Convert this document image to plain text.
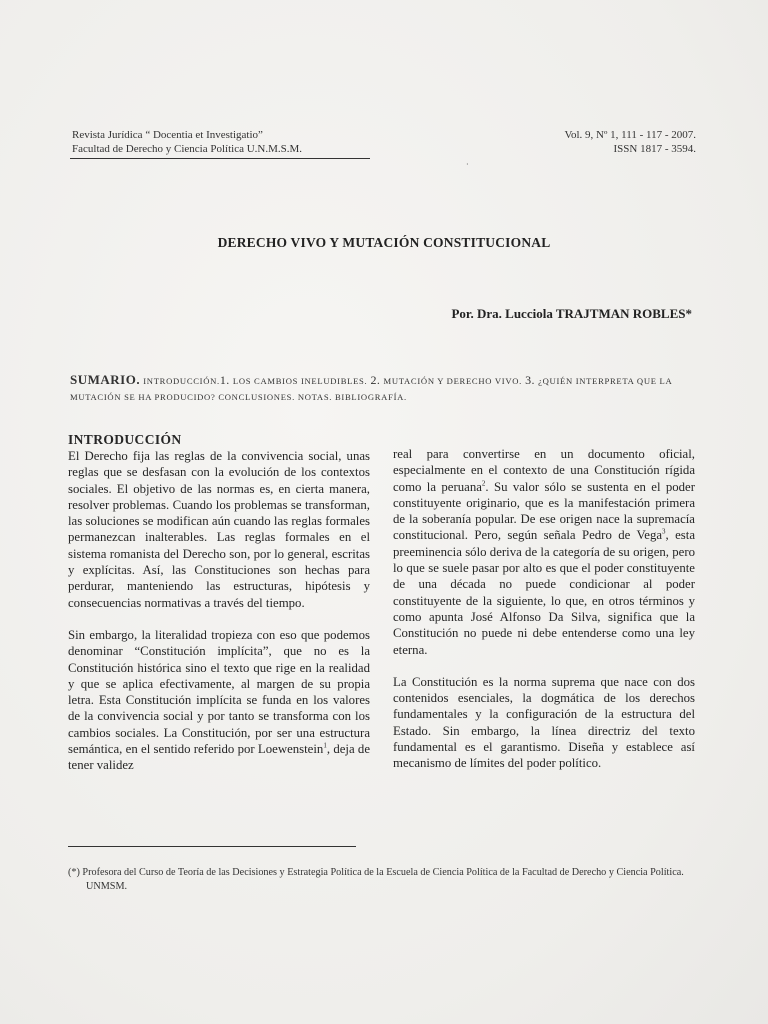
Revista Jurídica “ Docentia et Investigatio”
Facultad de Derecho y Ciencia Política U.N.M.S.M.
Vol. 9, Nº 1, 111 - 117 - 2007.
ISSN 1817 - 3594.
·
DERECHO VIVO Y MUTACIÓN CONSTITUCIONAL
Por. Dra. Lucciola TRAJTMAN ROBLES*
SUMARIO. INTRODUCCIÓN.1. LOS CAMBIOS INELUDIBLES. 2. MUTACIÓN Y DERECHO VIVO. 3. ¿QUIÉN INTERPRETA QUE LA MUTACIÓN SE HA PRODUCIDO? CONCLUSIONES. NOTAS. BIBLIOGRAFÍA.
INTRODUCCIÓN

El Derecho fija las reglas de la convivencia social, unas reglas que se desfasan con la evolución de los contextos sociales. El objetivo de las normas es, en cierta manera, resolver problemas. Cuando los problemas se transforman, las soluciones se modifican aún cuando las reglas formales permanezcan inalterables. Las reglas formales en el sistema romanista del Derecho son, por lo general, escritas y explícitas. Así, las Constituciones son hechas para perdurar, manteniendo las estructuras, hipótesis y consecuencias normativas a través del tiempo.

Sin embargo, la literalidad tropieza con eso que podemos denominar “Constitución implícita”, que no es la Constitución histórica sino el texto que rige en la realidad y que se aplica efectivamente, al margen de su propia letra. Esta Constitución implícita se funda en los valores de la convivencia social y por tanto se transforma con los cambios sociales. La Constitución, por ser una estructura semántica, en el sentido referido por Loewenstein$^1$, deja de tener validez

real para convertirse en un documento oficial, especialmente en el contexto de una Constitución rígida como la peruana$^2$. Su valor sólo se sustenta en el poder constituyente originario, que es la manifestación primera de la soberanía popular. De ese origen nace la supremacía constitucional. Pero, según señala Pedro de Vega$^3$, esta preeminencia sólo deriva de la categoría de su origen, pero lo que se suele pasar por alto es que el poder constituyente de una década no puede condicionar al poder constituyente de la siguiente, lo que, en otros términos y como apunta José Alfonso Da Silva, significa que la Constitución no puede ni debe entenderse como una ley eterna.

La Constitución es la norma suprema que nace con dos contenidos esenciales, la dogmática de los derechos fundamentales y la configuración de la estructura del Estado. Sin embargo, la línea directriz del texto fundamental es el garantismo. Diseña y establece así mecanismo de límites del poder político.

(*) Profesora del Curso de Teoría de las Decisiones y Estrategia Política de la Escuela de Ciencia Política de la Facultad de Derecho y Ciencia Política. UNMSM.
